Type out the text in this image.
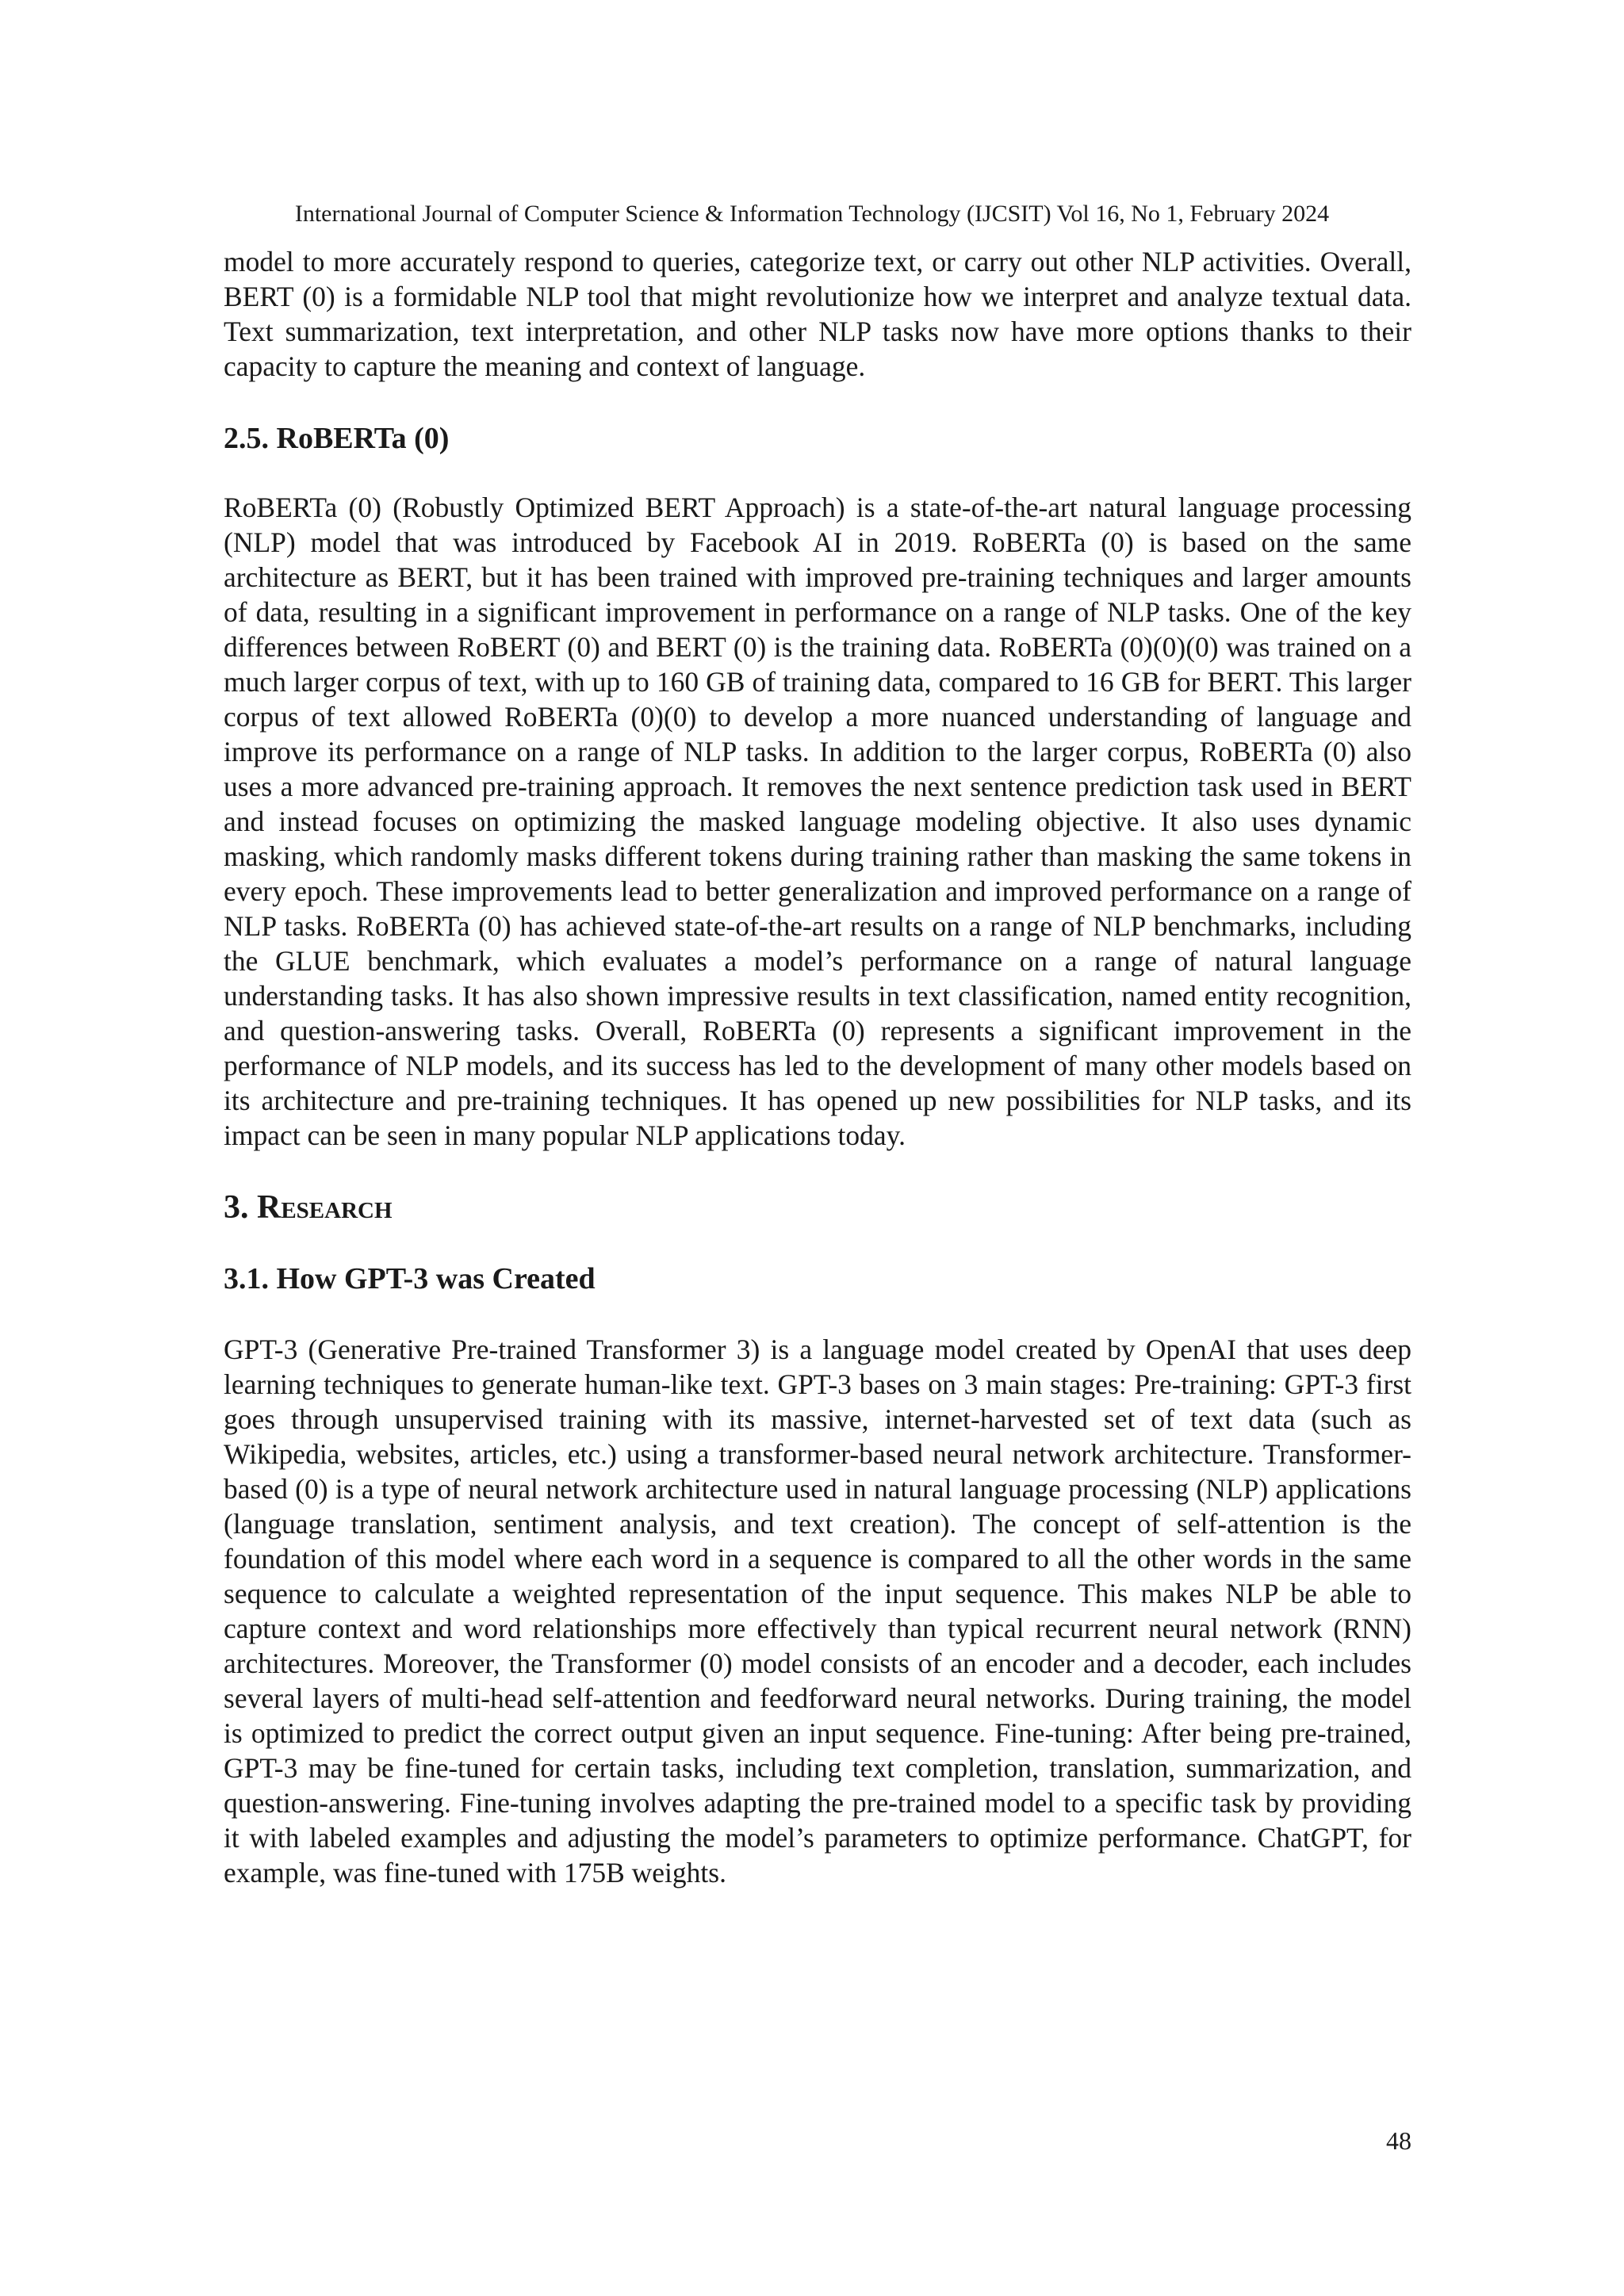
International Journal of Computer Science & Information Technology (IJCSIT) Vol 16, No 1, February 2024

model to more accurately respond to queries, categorize text, or carry out other NLP activities. Overall, BERT (0) is a formidable NLP tool that might revolutionize how we interpret and analyze textual data. Text summarization, text interpretation, and other NLP tasks now have more options thanks to their capacity to capture the meaning and context of language.

2.5. RoBERTa (0)

RoBERTa (0) (Robustly Optimized BERT Approach) is a state-of-the-art natural language processing (NLP) model that was introduced by Facebook AI in 2019. RoBERTa (0) is based on the same architecture as BERT, but it has been trained with improved pre-training techniques and larger amounts of data, resulting in a significant improvement in performance on a range of NLP tasks. One of the key differences between RoBERT (0) and BERT (0) is the training data. RoBERTa (0)(0)(0) was trained on a much larger corpus of text, with up to 160 GB of training data, compared to 16 GB for BERT. This larger corpus of text allowed RoBERTa (0)(0) to develop a more nuanced understanding of language and improve its performance on a range of NLP tasks. In addition to the larger corpus, RoBERTa (0) also uses a more advanced pre-training approach. It removes the next sentence prediction task used in BERT and instead focuses on optimizing the masked language modeling objective. It also uses dynamic masking, which randomly masks different tokens during training rather than masking the same tokens in every epoch. These improvements lead to better generalization and improved performance on a range of NLP tasks. RoBERTa (0) has achieved state-of-the-art results on a range of NLP benchmarks, including the GLUE benchmark, which evaluates a model’s performance on a range of natural language understanding tasks. It has also shown impressive results in text classification, named entity recognition, and question-answering tasks. Overall, RoBERTa (0) represents a significant improvement in the performance of NLP models, and its success has led to the development of many other models based on its architecture and pre-training techniques. It has opened up new possibilities for NLP tasks, and its impact can be seen in many popular NLP applications today.

3. Research
3.1. How GPT-3 was Created

GPT-3 (Generative Pre-trained Transformer 3) is a language model created by OpenAI that uses deep learning techniques to generate human-like text. GPT-3 bases on 3 main stages: Pre-training: GPT-3 first goes through unsupervised training with its massive, internet-harvested set of text data (such as Wikipedia, websites, articles, etc.) using a transformer-based neural network architecture. Transformer-based (0) is a type of neural network architecture used in natural language processing (NLP) applications (language translation, sentiment analysis, and text creation). The concept of self-attention is the foundation of this model where each word in a sequence is compared to all the other words in the same sequence to calculate a weighted representation of the input sequence. This makes NLP be able to capture context and word relationships more effectively than typical recurrent neural network (RNN) architectures. Moreover, the Transformer (0) model consists of an encoder and a decoder, each includes several layers of multi-head self-attention and feedforward neural networks. During training, the model is optimized to predict the correct output given an input sequence. Fine-tuning: After being pre-trained, GPT-3 may be fine-tuned for certain tasks, including text completion, translation, summarization, and question-answering. Fine-tuning involves adapting the pre-trained model to a specific task by providing it with labeled examples and adjusting the model’s parameters to optimize performance. ChatGPT, for example, was fine-tuned with 175B weights.

48
